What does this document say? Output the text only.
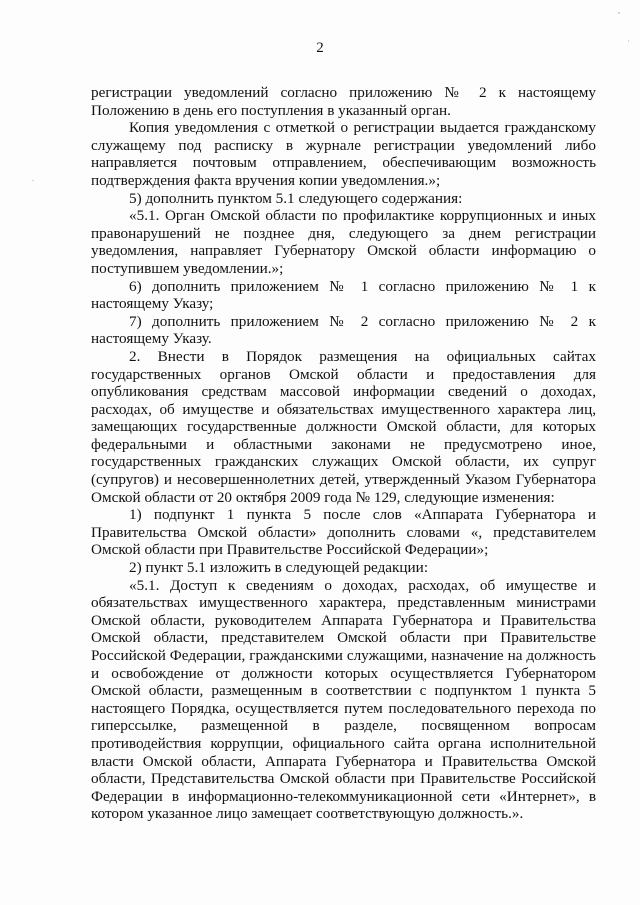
2

регистрации уведомлений согласно приложению № 2 к настоящему Положению в день его поступления в указанный орган.

Копия уведомления с отметкой о регистрации выдается гражданскому служащему под расписку в журнале регистрации уведомлений либо направляется почтовым отправлением, обеспечивающим возможность подтверждения факта вручения копии уведомления.»;

5) дополнить пунктом 5.1 следующего содержания:

«5.1. Орган Омской области по профилактике коррупционных и иных правонарушений не позднее дня, следующего за днем регистрации уведомления, направляет Губернатору Омской области информацию о поступившем уведомлении.»;

6) дополнить приложением № 1 согласно приложению № 1 к настоящему Указу;

7) дополнить приложением № 2 согласно приложению № 2 к настоящему Указу.

2. Внести в Порядок размещения на официальных сайтах государственных органов Омской области и предоставления для опубликования средствам массовой информации сведений о доходах, расходах, об имуществе и обязательствах имущественного характера лиц, замещающих государственные должности Омской области, для которых федеральными и областными законами не предусмотрено иное, государственных гражданских служащих Омской области, их супруг (супругов) и несовершеннолетних детей, утвержденный Указом Губернатора Омской области от 20 октября 2009 года № 129, следующие изменения:

1) подпункт 1 пункта 5 после слов «Аппарата Губернатора и Правительства Омской области» дополнить словами «, представителем Омской области при Правительстве Российской Федерации»;

2) пункт 5.1 изложить в следующей редакции:

«5.1. Доступ к сведениям о доходах, расходах, об имуществе и обязательствах имущественного характера, представленным министрами Омской области, руководителем Аппарата Губернатора и Правительства Омской области, представителем Омской области при Правительстве Российской Федерации, гражданскими служащими, назначение на должность и освобождение от должности которых осуществляется Губернатором Омской области, размещенным в соответствии с подпунктом 1 пункта 5 настоящего Порядка, осуществляется путем последовательного перехода по гиперссылке, размещенной в разделе, посвященном вопросам противодействия коррупции, официального сайта органа исполнительной власти Омской области, Аппарата Губернатора и Правительства Омской области, Представительства Омской области при Правительстве Российской Федерации в информационно-телекоммуникационной сети «Интернет», в котором указанное лицо замещает соответствующую должность.».
